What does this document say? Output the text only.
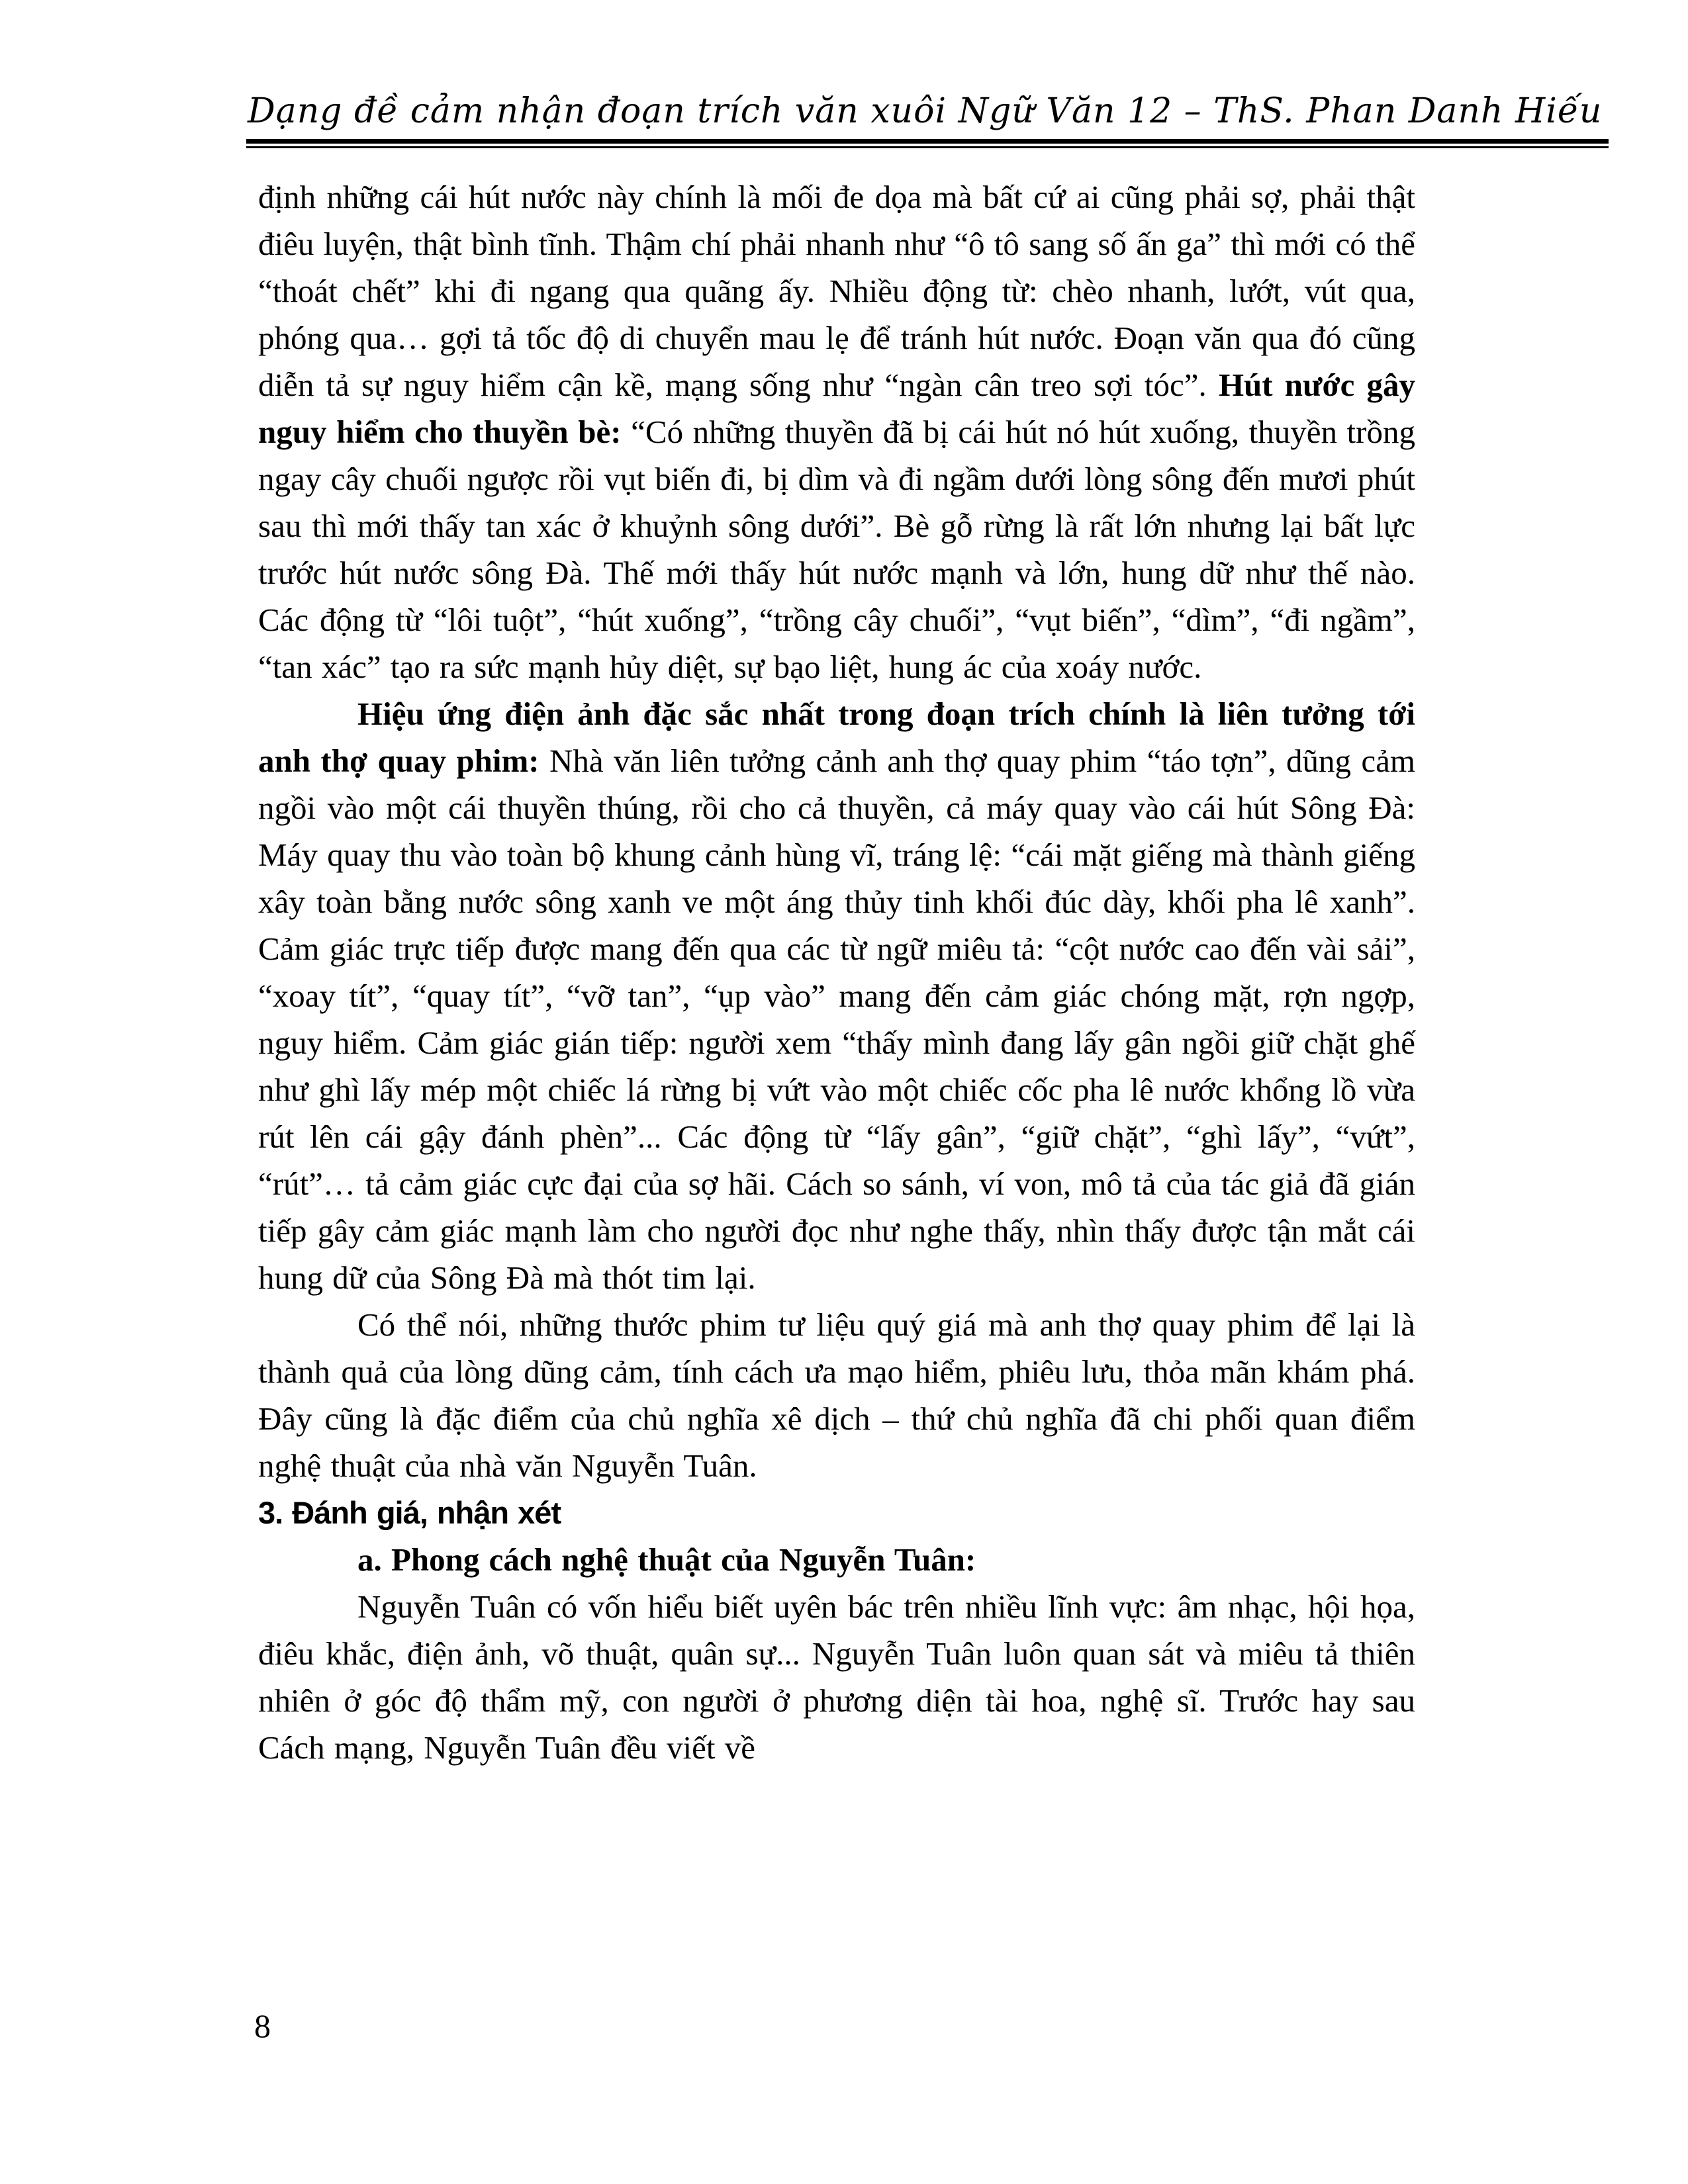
Dạng đề cảm nhận đoạn trích văn xuôi Ngữ Văn 12 – ThS. Phan Danh Hiếu

định những cái hút nước này chính là mối đe dọa mà bất cứ ai cũng phải sợ, phải thật điêu luyện, thật bình tĩnh. Thậm chí phải nhanh như “ô tô sang số ấn ga” thì mới có thể “thoát chết” khi đi ngang qua quãng ấy. Nhiều động từ: chèo nhanh, lướt, vút qua, phóng qua… gợi tả tốc độ di chuyển mau lẹ để tránh hút nước. Đoạn văn qua đó cũng diễn tả sự nguy hiểm cận kề, mạng sống như “ngàn cân treo sợi tóc”. Hút nước gây nguy hiểm cho thuyền bè: “Có những thuyền đã bị cái hút nó hút xuống, thuyền trồng ngay cây chuối ngược rồi vụt biến đi, bị dìm và đi ngầm dưới lòng sông đến mươi phút sau thì mới thấy tan xác ở khuỷnh sông dưới”. Bè gỗ rừng là rất lớn nhưng lại bất lực trước hút nước sông Đà. Thế mới thấy hút nước mạnh và lớn, hung dữ như thế nào. Các động từ “lôi tuột”, “hút xuống”, “trồng cây chuối”, “vụt biến”, “dìm”, “đi ngầm”, “tan xác” tạo ra sức mạnh hủy diệt, sự bạo liệt, hung ác của xoáy nước.

Hiệu ứng điện ảnh đặc sắc nhất trong đoạn trích chính là liên tưởng tới anh thợ quay phim: Nhà văn liên tưởng cảnh anh thợ quay phim “táo tợn”, dũng cảm ngồi vào một cái thuyền thúng, rồi cho cả thuyền, cả máy quay vào cái hút Sông Đà: Máy quay thu vào toàn bộ khung cảnh hùng vĩ, tráng lệ: “cái mặt giếng mà thành giếng xây toàn bằng nước sông xanh ve một áng thủy tinh khối đúc dày, khối pha lê xanh”. Cảm giác trực tiếp được mang đến qua các từ ngữ miêu tả: “cột nước cao đến vài sải”, “xoay tít”, “quay tít”, “vỡ tan”, “ụp vào” mang đến cảm giác chóng mặt, rợn ngợp, nguy hiểm. Cảm giác gián tiếp: người xem “thấy mình đang lấy gân ngồi giữ chặt ghế như ghì lấy mép một chiếc lá rừng bị vứt vào một chiếc cốc pha lê nước khổng lồ vừa rút lên cái gậy đánh phèn”... Các động từ “lấy gân”, “giữ chặt”, “ghì lấy”, “vứt”, “rút”… tả cảm giác cực đại của sợ hãi. Cách so sánh, ví von, mô tả của tác giả đã gián tiếp gây cảm giác mạnh làm cho người đọc như nghe thấy, nhìn thấy được tận mắt cái hung dữ của Sông Đà mà thót tim lại.

Có thể nói, những thước phim tư liệu quý giá mà anh thợ quay phim để lại là thành quả của lòng dũng cảm, tính cách ưa mạo hiểm, phiêu lưu, thỏa mãn khám phá. Đây cũng là đặc điểm của chủ nghĩa xê dịch – thứ chủ nghĩa đã chi phối quan điểm nghệ thuật của nhà văn Nguyễn Tuân.

3. Đánh giá, nhận xét

a. Phong cách nghệ thuật của Nguyễn Tuân:

Nguyễn Tuân có vốn hiểu biết uyên bác trên nhiều lĩnh vực: âm nhạc, hội họa, điêu khắc, điện ảnh, võ thuật, quân sự... Nguyễn Tuân luôn quan sát và miêu tả thiên nhiên ở góc độ thẩm mỹ, con người ở phương diện tài hoa, nghệ sĩ. Trước hay sau Cách mạng, Nguyễn Tuân đều viết về

8
